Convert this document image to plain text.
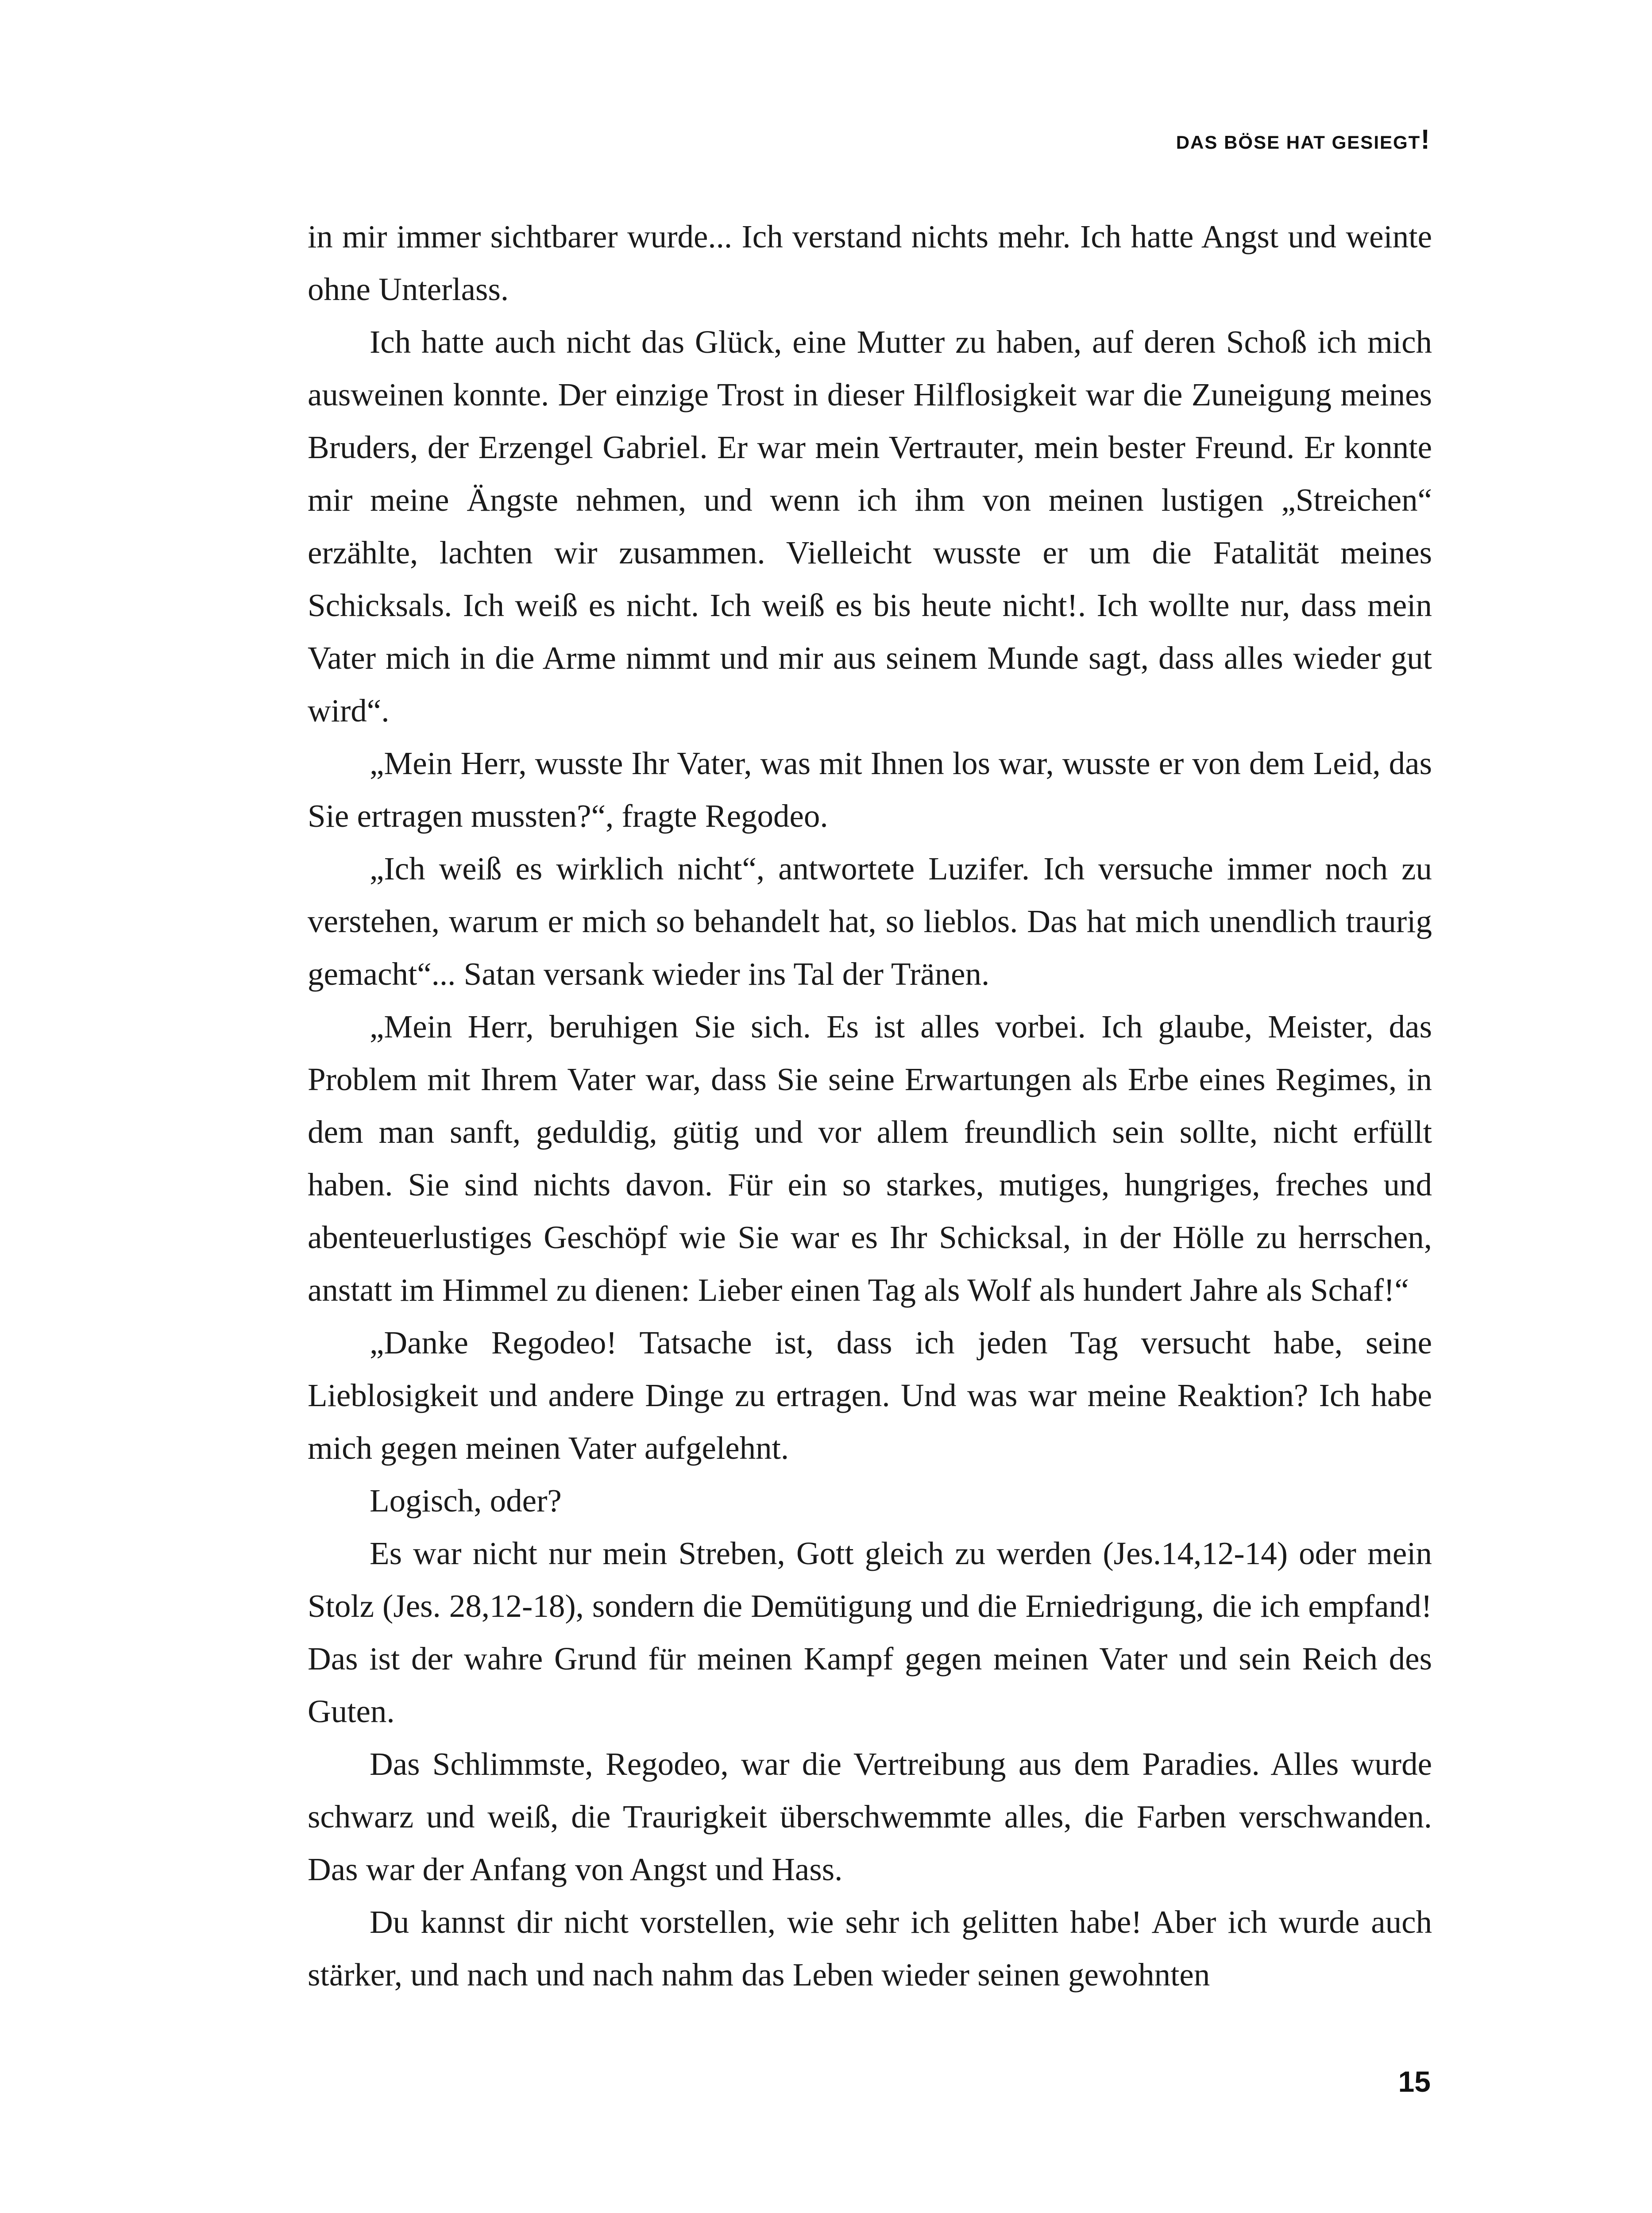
DAS BÖSE HAT GESIEGT!

in mir immer sichtbarer wurde... Ich verstand nichts mehr. Ich hatte Angst und weinte ohne Unterlass.

Ich hatte auch nicht das Glück, eine Mutter zu haben, auf deren Schoß ich mich ausweinen konnte. Der einzige Trost in dieser Hilflosigkeit war die Zuneigung meines Bruders, der Erzengel Gabriel. Er war mein Vertrauter, mein bester Freund. Er konnte mir meine Ängste nehmen, und wenn ich ihm von meinen lustigen „Streichen“ erzählte, lachten wir zusammen. Vielleicht wusste er um die Fatalität meines Schicksals. Ich weiß es nicht. Ich weiß es bis heute nicht!. Ich wollte nur, dass mein Vater mich in die Arme nimmt und mir aus seinem Munde sagt, dass alles wieder gut wird“.

„Mein Herr, wusste Ihr Vater, was mit Ihnen los war, wusste er von dem Leid, das Sie ertragen mussten?“, fragte Regodeo.

„Ich weiß es wirklich nicht“, antwortete Luzifer. Ich versuche immer noch zu verstehen, warum er mich so behandelt hat, so lieblos. Das hat mich unendlich traurig gemacht“... Satan versank wieder ins Tal der Tränen.

„Mein Herr, beruhigen Sie sich. Es ist alles vorbei. Ich glaube, Meister, das Problem mit Ihrem Vater war, dass Sie seine Erwartungen als Erbe eines Regimes, in dem man sanft, geduldig, gütig und vor allem freundlich sein sollte, nicht erfüllt haben. Sie sind nichts davon. Für ein so starkes, mutiges, hungriges, freches und abenteuerlustiges Geschöpf wie Sie war es Ihr Schicksal, in der Hölle zu herrschen, anstatt im Himmel zu dienen: Lieber einen Tag als Wolf als hundert Jahre als Schaf!“

„Danke Regodeo! Tatsache ist, dass ich jeden Tag versucht habe, seine Lieblosigkeit und andere Dinge zu ertragen. Und was war meine Reaktion? Ich habe mich gegen meinen Vater aufgelehnt.

Logisch, oder?

Es war nicht nur mein Streben, Gott gleich zu werden (Jes.14,12-14) oder mein Stolz (Jes. 28,12-18), sondern die Demütigung und die Erniedrigung, die ich empfand! Das ist der wahre Grund für meinen Kampf gegen meinen Vater und sein Reich des Guten.

Das Schlimmste, Regodeo, war die Vertreibung aus dem Paradies. Alles wurde schwarz und weiß, die Traurigkeit überschwemmte alles, die Farben verschwanden. Das war der Anfang von Angst und Hass.

Du kannst dir nicht vorstellen, wie sehr ich gelitten habe! Aber ich wurde auch stärker, und nach und nach nahm das Leben wieder seinen gewohnten

15
